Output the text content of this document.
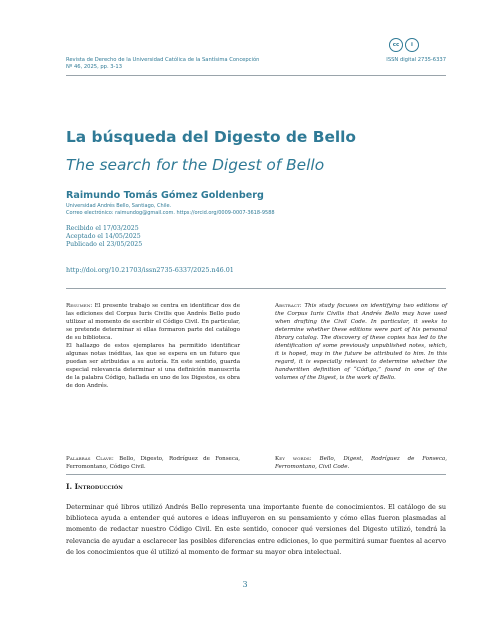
cc	i
Revista de Derecho de la Universidad Católica de la Santísima Concepción
Nº 46, 2025, pp. 3-13
ISSN digital 2735-6337
La búsqueda del Digesto de Bello
The search for the Digest of Bello
Raimundo Tomás Gómez Goldenberg
Universidad Andrés Bello, Santiago, Chile.
Correo electrónico: raimundog@gmail.com. https://orcid.org/0009-0007-3618-9588
Recibido el 17/03/2025
Aceptado el 14/05/2025
Publicado el 23/05/2025
http://doi.org/10.21703/issn2735-6337/2025.n46.01

Resumen: El presente trabajo se centra en identificar dos de las ediciones del Corpus Iuris Civilis que Andrés Bello pudo utilizar al momento de escribir el Código Civil. En particular, se pretende determinar si ellas formaron parte del catálogo de su biblioteca.

El hallazgo de estos ejemplares ha permitido identificar algunas notas inéditas, las que se espera en un futuro que puedan ser atribuidas a su autoría. En este sentido, guarda especial relevancia determinar si una definición manuscrita de la palabra Código, hallada en uno de los Digestos, es obra de don Andrés.

Abstract: This study focuses on identifying two editions of the Corpus Iuris Civilis that Andrés Bello may have used when drafting the Civil Code. In particular, it seeks to determine whether these editions were part of his personal library catalog. The discovery of these copies has led to the identification of some previously unpublished notes, which, it is hoped, may in the future be attributed to him. In this regard, it is especially relevant to determine whether the handwritten definition of “Código,” found in one of the volumes of the Digest, is the work of Bello.

Palabras Clave: Bello, Digesto, Rodríguez de Fonseca, Ferromontano, Código Civil.

Key words: Bello, Digest, Rodríguez de Fonseca, Ferromontano, Civil Code.

I. Introducción
Determinar qué libros utilizó Andrés Bello representa una importante fuente de conocimientos. El catálogo de su biblioteca ayuda a entender qué autores e ideas influyeron en su pensamiento y cómo ellas fueron plasmadas al momento de redactar nuestro Código Civil. En este sentido, conocer qué versiones del Digesto utilizó, tendrá la relevancia de ayudar a esclarecer las posibles diferencias entre ediciones, lo que permitirá sumar fuentes al acervo de los conocimientos que él utilizó al momento de formar su mayor obra intelectual.
3
